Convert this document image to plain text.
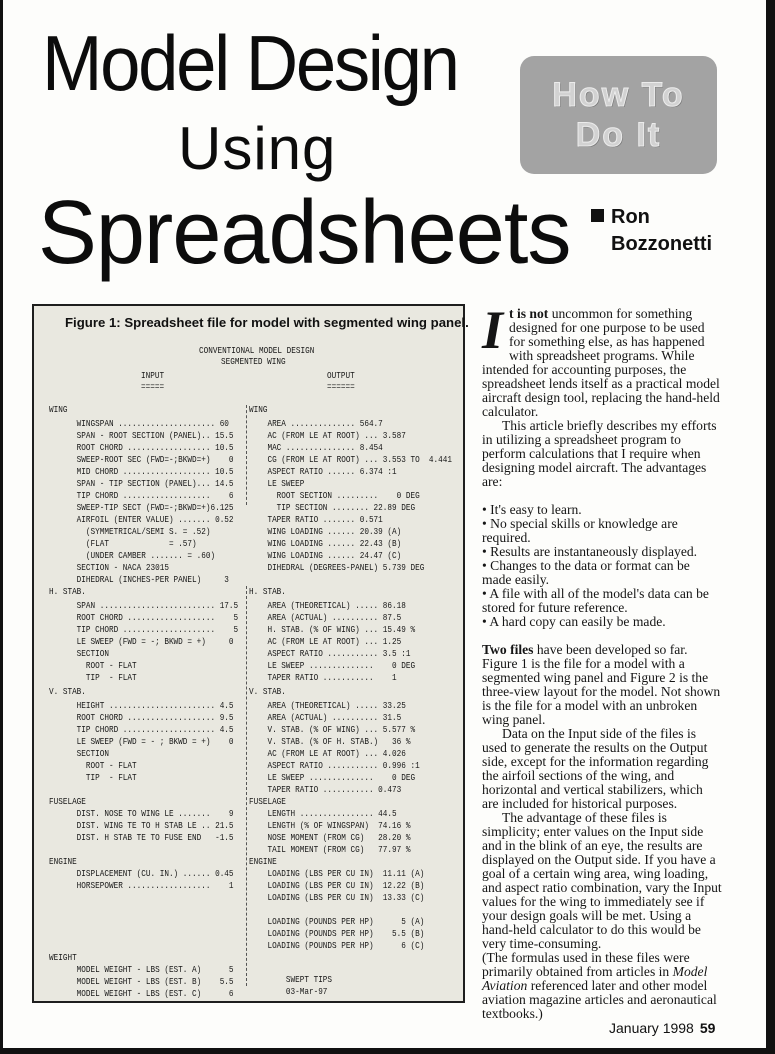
Model Design
Using
Spreadsheets
How To
Do It
Ron
Bozzonetti
Figure 1: Spreadsheet file for model with segmented wing panel.
CONVENTIONAL MODEL DESIGN
SEGMENTED WING
INPUT
=====
OUTPUT
======
WING
WINGSPAN ..................... 60
SPAN - ROOT SECTION (PANEL).. 15.5
ROOT CHORD .................. 10.5
SWEEP-ROOT SEC (FWD=-;BKWD=+)    0
MID CHORD ................... 10.5
SPAN - TIP SECTION (PANEL)... 14.5
TIP CHORD ...................    6
SWEEP-TIP SECT (FWD=-;BKWD=+)6.125
AIRFOIL (ENTER VALUE) ....... 0.52
(SYMMETRICAL/SEMI S. = .52)
(FLAT             = .57)
(UNDER CAMBER ....... = .60)
SECTION - NACA 23015
DIHEDRAL (INCHES-PER PANEL)     3
H. STAB.
SPAN ......................... 17.5
ROOT CHORD ...................    5
TIP CHORD ....................    5
LE SWEEP (FWD = -; BKWD = +)     0
SECTION
ROOT - FLAT
TIP  - FLAT
V. STAB.
HEIGHT ....................... 4.5
ROOT CHORD ................... 9.5
TIP CHORD .................... 4.5
LE SWEEP (FWD = - ; BKWD = +)    0
SECTION
ROOT - FLAT
TIP  - FLAT
FUSELAGE
DIST. NOSE TO WING LE .......    9
DIST. WING TE TO H STAB LE .. 21.5
DIST. H STAB TE TO FUSE END   -1.5
ENGINE
DISPLACEMENT (CU. IN.) ...... 0.45
HORSEPOWER ..................    1
WEIGHT
MODEL WEIGHT - LBS (EST. A)      5
MODEL WEIGHT - LBS (EST. B)    5.5
MODEL WEIGHT - LBS (EST. C)      6
WING
AREA .............. 564.7
AC (FROM LE AT ROOT) ... 3.587
MAC ............... 8.454
CG (FROM LE AT ROOT) ... 3.553 TO  4.441
ASPECT RATIO ...... 6.374 :1
LE SWEEP
ROOT SECTION .........    0 DEG
TIP SECTION ........ 22.89 DEG
TAPER RATIO ....... 0.571
WING LOADING ...... 20.39 (A)
WING LOADING ...... 22.43 (B)
WING LOADING ...... 24.47 (C)
DIHEDRAL (DEGREES-PANEL) 5.739 DEG
H. STAB.
AREA (THEORETICAL) ..... 86.18
AREA (ACTUAL) .......... 87.5
H. STAB. (% OF WING) ... 15.49 %
AC (FROM LE AT ROOT) ... 1.25
ASPECT RATIO ........... 3.5 :1
LE SWEEP ..............    0 DEG
TAPER RATIO ...........    1
V. STAB.
AREA (THEORETICAL) ..... 33.25
AREA (ACTUAL) .......... 31.5
V. STAB. (% OF WING) ... 5.577 %
V. STAB. (% OF H. STAB.)   36 %
AC (FROM LE AT ROOT) ... 4.026
ASPECT RATIO ........... 0.996 :1
LE SWEEP ..............    0 DEG
TAPER RATIO ........... 0.473
FUSELAGE
LENGTH ................ 44.5
LENGTH (% OF WINGSPAN)  74.16 %
NOSE MOMENT (FROM CG)   28.20 %
TAIL MOMENT (FROM CG)   77.97 %
ENGINE
LOADING (LBS PER CU IN)  11.11 (A)
LOADING (LBS PER CU IN)  12.22 (B)
LOADING (LBS PER CU IN)  13.33 (C)
LOADING (POUNDS PER HP)      5 (A)
LOADING (POUNDS PER HP)    5.5 (B)
LOADING (POUNDS PER HP)      6 (C)
SWEPT TIPS
03-Mar-97

It is not uncommon for something designed for one purpose to be used for something else, as has happened with spreadsheet programs. While intended for accounting purposes, the spreadsheet lends itself as a practical model aircraft design tool, replacing the hand-held calculator.

This article briefly describes my efforts in utilizing a spreadsheet program to perform calculations that I require when designing model aircraft. The advantages are:

• It's easy to learn.
• No special skills or knowledge are required.
• Results are instantaneously displayed.
• Changes to the data or format can be made easily.
• A file with all of the model's data can be stored for future reference.
• A hard copy can easily be made.

Two files have been developed so far. Figure 1 is the file for a model with a segmented wing panel and Figure 2 is the three-view layout for the model. Not shown is the file for a model with an unbroken wing panel.

Data on the Input side of the files is used to generate the results on the Output side, except for the information regarding the airfoil sections of the wing, and horizontal and vertical stabilizers, which are included for historical purposes.

The advantage of these files is simplicity; enter values on the Input side and in the blink of an eye, the results are displayed on the Output side. If you have a goal of a certain wing area, wing loading, and aspect ratio combination, vary the Input values for the wing to immediately see if your design goals will be met. Using a hand-held calculator to do this would be very time-consuming.

(The formulas used in these files were primarily obtained from articles in Model Aviation referenced later and other model aviation magazine articles and aeronautical textbooks.)

January 1998 59
